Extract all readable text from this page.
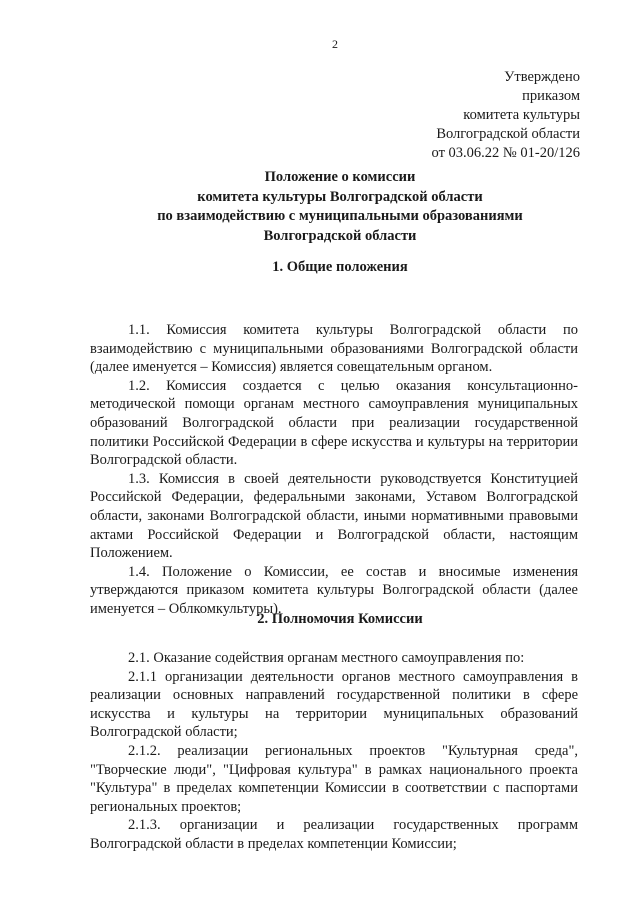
2
Утверждено
приказом
комитета культуры
Волгоградской области
от 03.06.22 № 01-20/126
Положение о комиссии
комитета культуры Волгоградской области
по взаимодействию с муниципальными образованиями
Волгоградской области
1. Общие положения

1.1. Комиссия комитета культуры Волгоградской области по взаимодействию с муниципальными образованиями Волгоградской области (далее именуется – Комиссия) является совещательным органом.

1.2. Комиссия создается с целью оказания консультационно-методической помощи органам местного самоуправления муниципальных образований Волгоградской области при реализации государственной политики Российской Федерации в сфере искусства и культуры на территории Волгоградской области.

1.3. Комиссия в своей деятельности руководствуется Конституцией Российской Федерации, федеральными законами, Уставом Волгоградской области, законами Волгоградской области, иными нормативными правовыми актами Российской Федерации и Волгоградской области, настоящим Положением.

1.4. Положение о Комиссии, ее состав и вносимые изменения утверждаются приказом комитета культуры Волгоградской области (далее именуется – Облкомкультуры).

2. Полномочия Комиссии

2.1. Оказание содействия органам местного самоуправления по:

2.1.1 организации деятельности органов местного самоуправления в реализации основных направлений государственной политики в сфере искусства и культуры на территории муниципальных образований Волгоградской области;

2.1.2. реализации региональных проектов "Культурная среда", "Творческие люди", "Цифровая культура" в рамках национального проекта "Культура" в пределах компетенции Комиссии в соответствии с паспортами региональных проектов;

2.1.3. организации и реализации государственных программ Волгоградской области в пределах компетенции Комиссии;
